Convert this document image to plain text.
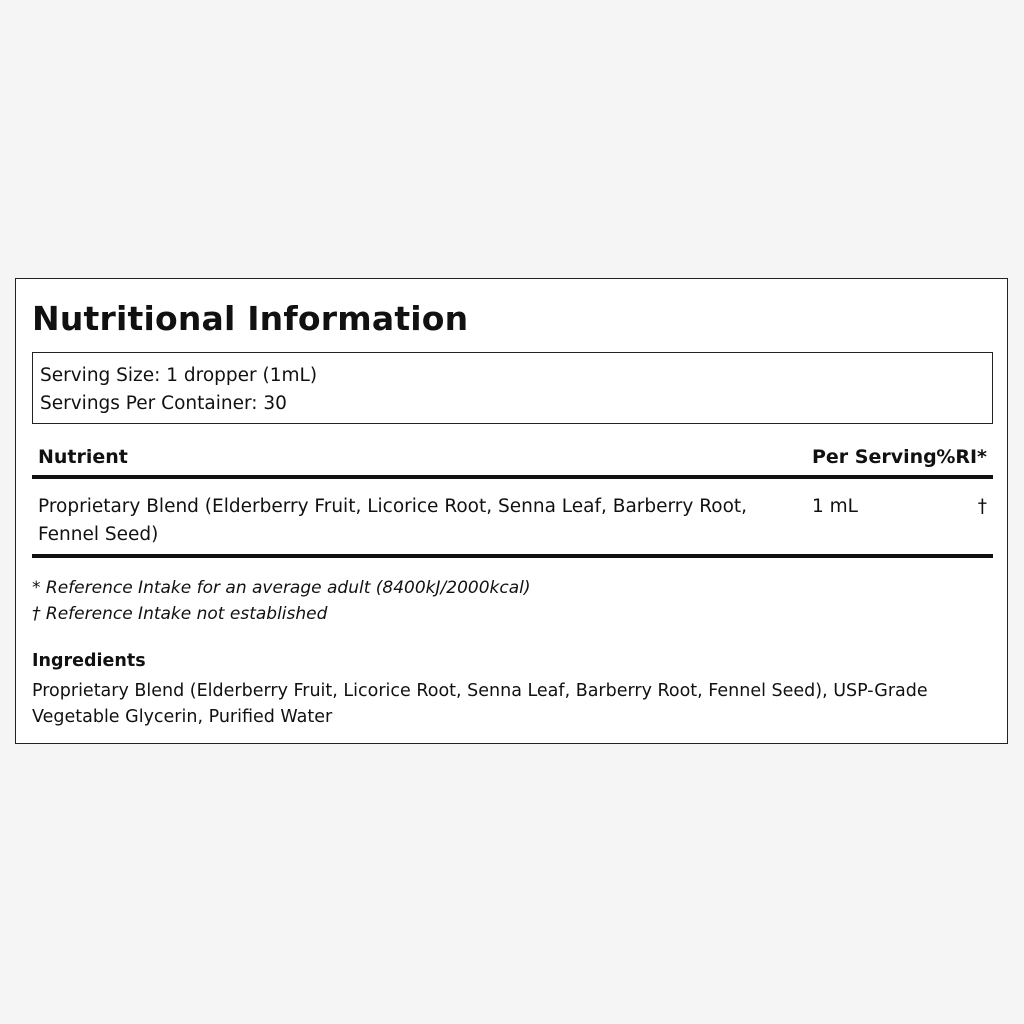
Nutritional Information
Serving Size: 1 dropper (1mL)
Servings Per Container: 30
Nutrient	Per Serving %RI*
Proprietary Blend (Elderberry Fruit, Licorice Root, Senna Leaf, Barberry Root, Fennel Seed)
1 mL	†
* Reference Intake for an average adult (8400kJ/2000kcal)
† Reference Intake not established
Ingredients
Proprietary Blend (Elderberry Fruit, Licorice Root, Senna Leaf, Barberry Root, Fennel Seed), USP-Grade Vegetable Glycerin, Purified Water
